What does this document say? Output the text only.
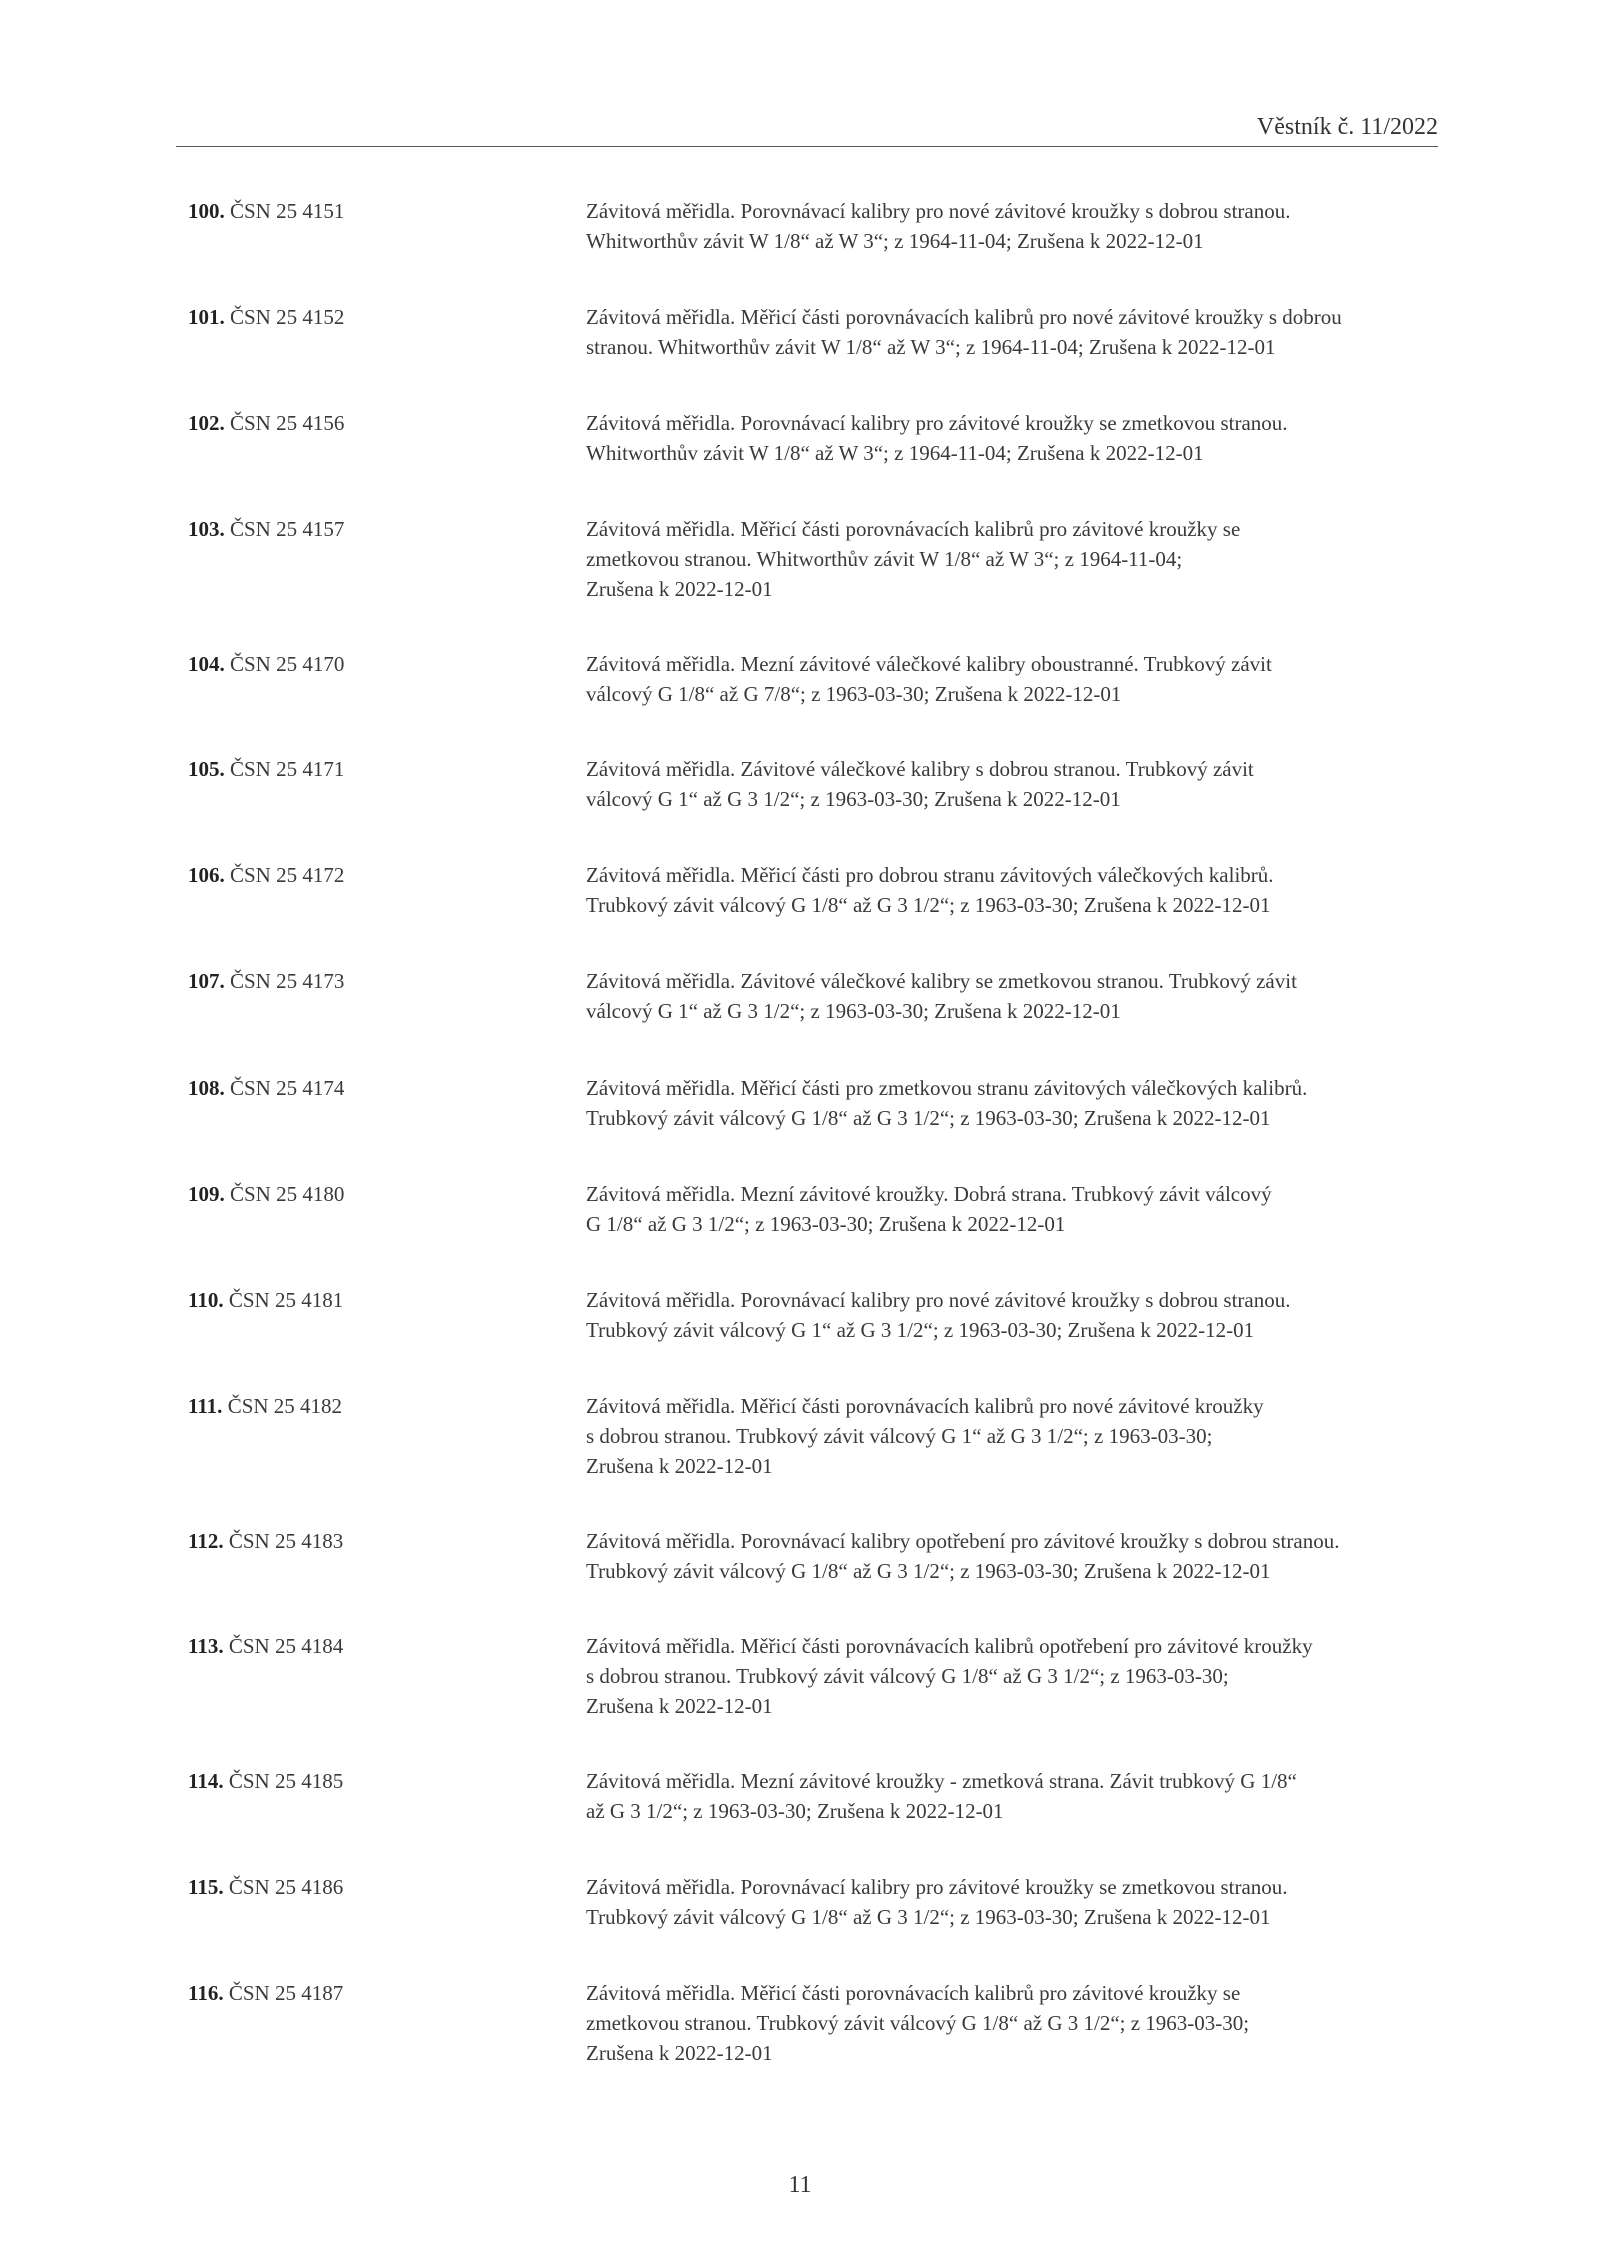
Věstník č. 11/2022
100. ČSN 25 4151	Závitová měřidla. Porovnávací kalibry pro nové závitové kroužky s dobrou stranou.
Whitworthův závit W 1/8“ až W 3“; z 1964-11-04; Zrušena k 2022-12-01
101. ČSN 25 4152	Závitová měřidla. Měřicí části porovnávacích kalibrů pro nové závitové kroužky s dobrou
stranou. Whitworthův závit W 1/8“ až W 3“; z 1964-11-04; Zrušena k 2022-12-01
102. ČSN 25 4156	Závitová měřidla. Porovnávací kalibry pro závitové kroužky se zmetkovou stranou.
Whitworthův závit W 1/8“ až W 3“; z 1964-11-04; Zrušena k 2022-12-01
103. ČSN 25 4157	Závitová měřidla. Měřicí části porovnávacích kalibrů pro závitové kroužky se
zmetkovou stranou. Whitworthův závit W 1/8“ až W 3“; z 1964-11-04;
Zrušena k 2022-12-01
104. ČSN 25 4170	Závitová měřidla. Mezní závitové válečkové kalibry oboustranné. Trubkový závit
válcový G 1/8“ až G 7/8“; z 1963-03-30; Zrušena k 2022-12-01
105. ČSN 25 4171	Závitová měřidla. Závitové válečkové kalibry s dobrou stranou. Trubkový závit
válcový G 1“ až G 3 1/2“; z 1963-03-30; Zrušena k 2022-12-01
106. ČSN 25 4172	Závitová měřidla. Měřicí části pro dobrou stranu závitových válečkových kalibrů.
Trubkový závit válcový G 1/8“ až G 3 1/2“; z 1963-03-30; Zrušena k 2022-12-01
107. ČSN 25 4173	Závitová měřidla. Závitové válečkové kalibry se zmetkovou stranou. Trubkový závit
válcový G 1“ až G 3 1/2“; z 1963-03-30; Zrušena k 2022-12-01
108. ČSN 25 4174	Závitová měřidla. Měřicí části pro zmetkovou stranu závitových válečkových kalibrů.
Trubkový závit válcový G 1/8“ až G 3 1/2“; z 1963-03-30; Zrušena k 2022-12-01
109. ČSN 25 4180	Závitová měřidla. Mezní závitové kroužky. Dobrá strana. Trubkový závit válcový
G 1/8“ až G 3 1/2“; z 1963-03-30; Zrušena k 2022-12-01
110. ČSN 25 4181	Závitová měřidla. Porovnávací kalibry pro nové závitové kroužky s dobrou stranou.
Trubkový závit válcový G 1“ až G 3 1/2“; z 1963-03-30; Zrušena k 2022-12-01
111. ČSN 25 4182	Závitová měřidla. Měřicí části porovnávacích kalibrů pro nové závitové kroužky
s dobrou stranou. Trubkový závit válcový G 1“ až G 3 1/2“; z 1963-03-30;
Zrušena k 2022-12-01
112. ČSN 25 4183	Závitová měřidla. Porovnávací kalibry opotřebení pro závitové kroužky s dobrou stranou.
Trubkový závit válcový G 1/8“ až G 3 1/2“; z 1963-03-30; Zrušena k 2022-12-01
113. ČSN 25 4184	Závitová měřidla. Měřicí části porovnávacích kalibrů opotřebení pro závitové kroužky
s dobrou stranou. Trubkový závit válcový G 1/8“ až G 3 1/2“; z 1963-03-30;
Zrušena k 2022-12-01
114. ČSN 25 4185	Závitová měřidla. Mezní závitové kroužky - zmetková strana. Závit trubkový G 1/8“
až G 3 1/2“; z 1963-03-30; Zrušena k 2022-12-01
115. ČSN 25 4186	Závitová měřidla. Porovnávací kalibry pro závitové kroužky se zmetkovou stranou.
Trubkový závit válcový G 1/8“ až G 3 1/2“; z 1963-03-30; Zrušena k 2022-12-01
116. ČSN 25 4187	Závitová měřidla. Měřicí části porovnávacích kalibrů pro závitové kroužky se
zmetkovou stranou. Trubkový závit válcový G 1/8“ až G 3 1/2“; z 1963-03-30;
Zrušena k 2022-12-01
11
